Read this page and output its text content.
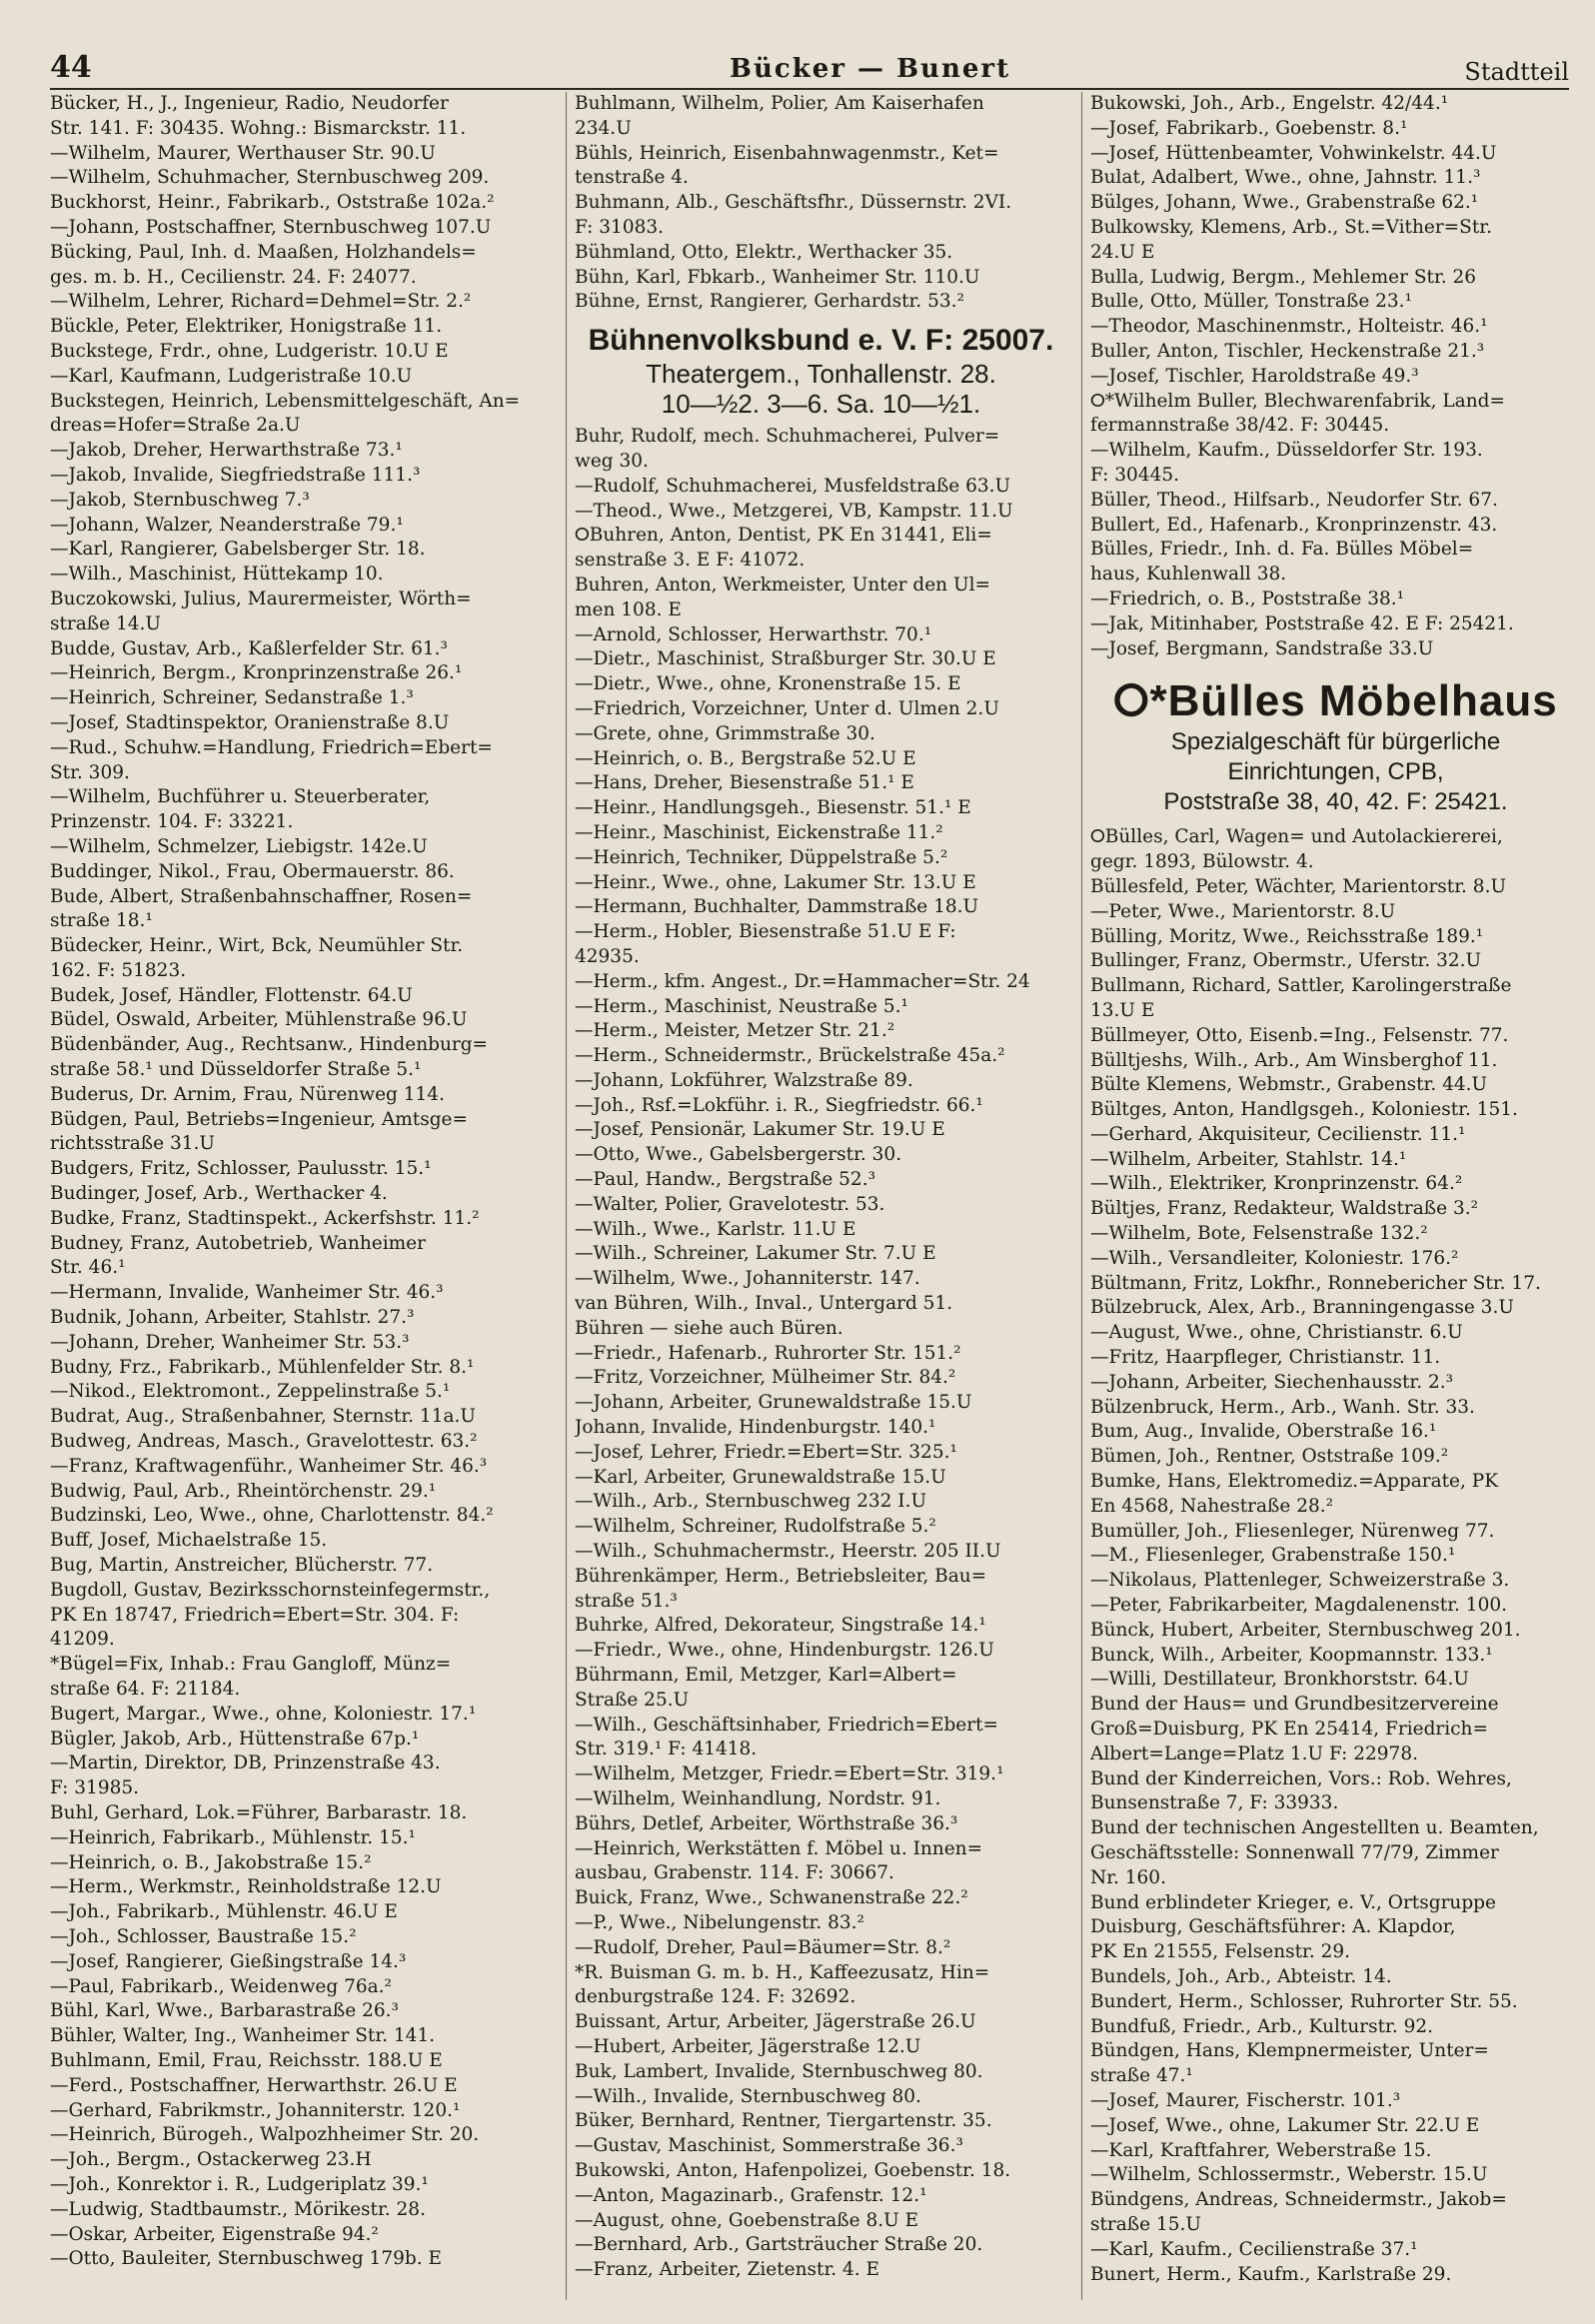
44	Bücker — Bunert	Stadtteil
Bücker, H., J., Ingenieur, Radio, Neudorfer
Str. 141. F: 30435. Wohng.: Bismarckstr. 11.
—Wilhelm, Maurer, Werthauser Str. 90.U
—Wilhelm, Schuhmacher, Sternbuschweg 209.
Buckhorst, Heinr., Fabrikarb., Oststraße 102a.²
—Johann, Postschaffner, Sternbuschweg 107.U
Bücking, Paul, Inh. d. Maaßen, Holzhandels=
ges. m. b. H., Cecilienstr. 24. F: 24077.
—Wilhelm, Lehrer, Richard=Dehmel=Str. 2.²
Bückle, Peter, Elektriker, Honigstraße 11.
Buckstege, Frdr., ohne, Ludgeristr. 10.U E
—Karl, Kaufmann, Ludgeristraße 10.U
Buckstegen, Heinrich, Lebensmittelgeschäft, An=
dreas=Hofer=Straße 2a.U
—Jakob, Dreher, Herwarthstraße 73.¹
—Jakob, Invalide, Siegfriedstraße 111.³
—Jakob, Sternbuschweg 7.³
—Johann, Walzer, Neanderstraße 79.¹
—Karl, Rangierer, Gabelsberger Str. 18.
—Wilh., Maschinist, Hüttekamp 10.
Buczokowski, Julius, Maurermeister, Wörth=
straße 14.U
Budde, Gustav, Arb., Kaßlerfelder Str. 61.³
—Heinrich, Bergm., Kronprinzenstraße 26.¹
—Heinrich, Schreiner, Sedanstraße 1.³
—Josef, Stadtinspektor, Oranienstraße 8.U
—Rud., Schuhw.=Handlung, Friedrich=Ebert=
Str. 309.
—Wilhelm, Buchführer u. Steuerberater,
Prinzenstr. 104. F: 33221.
—Wilhelm, Schmelzer, Liebigstr. 142e.U
Buddinger, Nikol., Frau, Obermauerstr. 86.
Bude, Albert, Straßenbahnschaffner, Rosen=
straße 18.¹
Büdecker, Heinr., Wirt, Bck, Neumühler Str.
162. F: 51823.
Budek, Josef, Händler, Flottenstr. 64.U
Büdel, Oswald, Arbeiter, Mühlenstraße 96.U
Büdenbänder, Aug., Rechtsanw., Hindenburg=
straße 58.¹ und Düsseldorfer Straße 5.¹
Buderus, Dr. Arnim, Frau, Nürenweg 114.
Büdgen, Paul, Betriebs=Ingenieur, Amtsge=
richtsstraße 31.U
Budgers, Fritz, Schlosser, Paulusstr. 15.¹
Budinger, Josef, Arb., Werthacker 4.
Budke, Franz, Stadtinspekt., Ackerfshstr. 11.²
Budney, Franz, Autobetrieb, Wanheimer
Str. 46.¹
—Hermann, Invalide, Wanheimer Str. 46.³
Budnik, Johann, Arbeiter, Stahlstr. 27.³
—Johann, Dreher, Wanheimer Str. 53.³
Budny, Frz., Fabrikarb., Mühlenfelder Str. 8.¹
—Nikod., Elektromont., Zeppelinstraße 5.¹
Budrat, Aug., Straßenbahner, Sternstr. 11a.U
Budweg, Andreas, Masch., Gravelottestr. 63.²
—Franz, Kraftwagenführ., Wanheimer Str. 46.³
Budwig, Paul, Arb., Rheintörchenstr. 29.¹
Budzinski, Leo, Wwe., ohne, Charlottenstr. 84.²
Buff, Josef, Michaelstraße 15.
Bug, Martin, Anstreicher, Blücherstr. 77.
Bugdoll, Gustav, Bezirksschornsteinfegermstr.,
PK En 18747, Friedrich=Ebert=Str. 304. F:
41209.
*Bügel=Fix, Inhab.: Frau Gangloff, Münz=
straße 64. F: 21184.
Bugert, Margar., Wwe., ohne, Koloniestr. 17.¹
Bügler, Jakob, Arb., Hüttenstraße 67p.¹
—Martin, Direktor, DB, Prinzenstraße 43.
F: 31985.
Buhl, Gerhard, Lok.=Führer, Barbarastr. 18.
—Heinrich, Fabrikarb., Mühlenstr. 15.¹
—Heinrich, o. B., Jakobstraße 15.²
—Herm., Werkmstr., Reinholdstraße 12.U
—Joh., Fabrikarb., Mühlenstr. 46.U E
—Joh., Schlosser, Baustraße 15.²
—Josef, Rangierer, Gießingstraße 14.³
—Paul, Fabrikarb., Weidenweg 76a.²
Bühl, Karl, Wwe., Barbarastraße 26.³
Bühler, Walter, Ing., Wanheimer Str. 141.
Buhlmann, Emil, Frau, Reichsstr. 188.U E
—Ferd., Postschaffner, Herwarthstr. 26.U E
—Gerhard, Fabrikmstr., Johanniterstr. 120.¹
—Heinrich, Bürogeh., Walpozhheimer Str. 20.
—Joh., Bergm., Ostackerweg 23.H
—Joh., Konrektor i. R., Ludgeriplatz 39.¹
—Ludwig, Stadtbaumstr., Mörikestr. 28.
—Oskar, Arbeiter, Eigenstraße 94.²
—Otto, Bauleiter, Sternbuschweg 179b. E
Buhlmann, Wilhelm, Polier, Am Kaiserhafen
234.U
Bühls, Heinrich, Eisenbahnwagenmstr., Ket=
tenstraße 4.
Buhmann, Alb., Geschäftsfhr., Düssernstr. 2VI.
F: 31083.
Bühmland, Otto, Elektr., Werthacker 35.
Bühn, Karl, Fbkarb., Wanheimer Str. 110.U
Bühne, Ernst, Rangierer, Gerhardstr. 53.²
Bühnenvolksbund e. V. F: 25007.
Theatergem., Tonhallenstr. 28.
10—½2. 3—6. Sa. 10—½1.
Buhr, Rudolf, mech. Schuhmacherei, Pulver=
weg 30.
—Rudolf, Schuhmacherei, Musfeldstraße 63.U
—Theod., Wwe., Metzgerei, VB, Kampstr. 11.U
⭘Buhren, Anton, Dentist, PK En 31441, Eli=
senstraße 3. E F: 41072.
Buhren, Anton, Werkmeister, Unter den Ul=
men 108. E
—Arnold, Schlosser, Herwarthstr. 70.¹
—Dietr., Maschinist, Straßburger Str. 30.U E
—Dietr., Wwe., ohne, Kronenstraße 15. E
—Friedrich, Vorzeichner, Unter d. Ulmen 2.U
—Grete, ohne, Grimmstraße 30.
—Heinrich, o. B., Bergstraße 52.U E
—Hans, Dreher, Biesenstraße 51.¹ E
—Heinr., Handlungsgeh., Biesenstr. 51.¹ E
—Heinr., Maschinist, Eickenstraße 11.²
—Heinrich, Techniker, Düppelstraße 5.²
—Heinr., Wwe., ohne, Lakumer Str. 13.U E
—Hermann, Buchhalter, Dammstraße 18.U
—Herm., Hobler, Biesenstraße 51.U E F:
42935.
—Herm., kfm. Angest., Dr.=Hammacher=Str. 24
—Herm., Maschinist, Neustraße 5.¹
—Herm., Meister, Metzer Str. 21.²
—Herm., Schneidermstr., Brückelstraße 45a.²
—Johann, Lokführer, Walzstraße 89.
—Joh., Rsf.=Lokführ. i. R., Siegfriedstr. 66.¹
—Josef, Pensionär, Lakumer Str. 19.U E
—Otto, Wwe., Gabelsbergerstr. 30.
—Paul, Handw., Bergstraße 52.³
—Walter, Polier, Gravelotestr. 53.
—Wilh., Wwe., Karlstr. 11.U E
—Wilh., Schreiner, Lakumer Str. 7.U E
—Wilhelm, Wwe., Johanniterstr. 147.
van Bühren, Wilh., Inval., Untergard 51.
Bühren — siehe auch Büren.
—Friedr., Hafenarb., Ruhrorter Str. 151.²
—Fritz, Vorzeichner, Mülheimer Str. 84.²
—Johann, Arbeiter, Grunewaldstraße 15.U
Johann, Invalide, Hindenburgstr. 140.¹
—Josef, Lehrer, Friedr.=Ebert=Str. 325.¹
—Karl, Arbeiter, Grunewaldstraße 15.U
—Wilh., Arb., Sternbuschweg 232 I.U
—Wilhelm, Schreiner, Rudolfstraße 5.²
—Wilh., Schuhmachermstr., Heerstr. 205 II.U
Bührenkämper, Herm., Betriebsleiter, Bau=
straße 51.³
Buhrke, Alfred, Dekorateur, Singstraße 14.¹
—Friedr., Wwe., ohne, Hindenburgstr. 126.U
Bührmann, Emil, Metzger, Karl=Albert=
Straße 25.U
—Wilh., Geschäftsinhaber, Friedrich=Ebert=
Str. 319.¹ F: 41418.
—Wilhelm, Metzger, Friedr.=Ebert=Str. 319.¹
—Wilhelm, Weinhandlung, Nordstr. 91.
Bührs, Detlef, Arbeiter, Wörthstraße 36.³
—Heinrich, Werkstätten f. Möbel u. Innen=
ausbau, Grabenstr. 114. F: 30667.
Buick, Franz, Wwe., Schwanenstraße 22.²
—P., Wwe., Nibelungenstr. 83.²
—Rudolf, Dreher, Paul=Bäumer=Str. 8.²
*R. Buisman G. m. b. H., Kaffeezusatz, Hin=
denburgstraße 124. F: 32692.
Buissant, Artur, Arbeiter, Jägerstraße 26.U
—Hubert, Arbeiter, Jägerstraße 12.U
Buk, Lambert, Invalide, Sternbuschweg 80.
—Wilh., Invalide, Sternbuschweg 80.
Büker, Bernhard, Rentner, Tiergartenstr. 35.
—Gustav, Maschinist, Sommerstraße 36.³
Bukowski, Anton, Hafenpolizei, Goebenstr. 18.
—Anton, Magazinarb., Grafenstr. 12.¹
—August, ohne, Goebenstraße 8.U E
—Bernhard, Arb., Gartsträucher Straße 20.
—Franz, Arbeiter, Zietenstr. 4. E
Bukowski, Joh., Arb., Engelstr. 42/44.¹
—Josef, Fabrikarb., Goebenstr. 8.¹
—Josef, Hüttenbeamter, Vohwinkelstr. 44.U
Bulat, Adalbert, Wwe., ohne, Jahnstr. 11.³
Bülges, Johann, Wwe., Grabenstraße 62.¹
Bulkowsky, Klemens, Arb., St.=Vither=Str.
24.U E
Bulla, Ludwig, Bergm., Mehlemer Str. 26
Bulle, Otto, Müller, Tonstraße 23.¹
—Theodor, Maschinenmstr., Holteistr. 46.¹
Buller, Anton, Tischler, Heckenstraße 21.³
—Josef, Tischler, Haroldstraße 49.³
⭘*Wilhelm Buller, Blechwarenfabrik, Land=
fermannstraße 38/42. F: 30445.
—Wilhelm, Kaufm., Düsseldorfer Str. 193.
F: 30445.
Büller, Theod., Hilfsarb., Neudorfer Str. 67.
Bullert, Ed., Hafenarb., Kronprinzenstr. 43.
Bülles, Friedr., Inh. d. Fa. Bülles Möbel=
haus, Kuhlenwall 38.
—Friedrich, o. B., Poststraße 38.¹
—Jak, Mitinhaber, Poststraße 42. E F: 25421.
—Josef, Bergmann, Sandstraße 33.U
⭘*Bülles Möbelhaus
Spezialgeschäft für bürgerliche
Einrichtungen, CPB,
Poststraße 38, 40, 42. F: 25421.
⭘Bülles, Carl, Wagen= und Autolackiererei,
gegr. 1893, Bülowstr. 4.
Büllesfeld, Peter, Wächter, Marientorstr. 8.U
—Peter, Wwe., Marientorstr. 8.U
Bülling, Moritz, Wwe., Reichsstraße 189.¹
Bullinger, Franz, Obermstr., Uferstr. 32.U
Bullmann, Richard, Sattler, Karolingerstraße
13.U E
Büllmeyer, Otto, Eisenb.=Ing., Felsenstr. 77.
Bülltjeshs, Wilh., Arb., Am Winsberghof 11.
Bülte Klemens, Webmstr., Grabenstr. 44.U
Bültges, Anton, Handlgsgeh., Koloniestr. 151.
—Gerhard, Akquisiteur, Cecilienstr. 11.¹
—Wilhelm, Arbeiter, Stahlstr. 14.¹
—Wilh., Elektriker, Kronprinzenstr. 64.²
Bültjes, Franz, Redakteur, Waldstraße 3.²
—Wilhelm, Bote, Felsenstraße 132.²
—Wilh., Versandleiter, Koloniestr. 176.²
Bültmann, Fritz, Lokfhr., Ronnebericher Str. 17.
Bülzebruck, Alex, Arb., Branningengasse 3.U
—August, Wwe., ohne, Christianstr. 6.U
—Fritz, Haarpfleger, Christianstr. 11.
—Johann, Arbeiter, Siechenhausstr. 2.³
Bülzenbruck, Herm., Arb., Wanh. Str. 33.
Bum, Aug., Invalide, Oberstraße 16.¹
Bümen, Joh., Rentner, Oststraße 109.²
Bumke, Hans, Elektromediz.=Apparate, PK
En 4568, Nahestraße 28.²
Bumüller, Joh., Fliesenleger, Nürenweg 77.
—M., Fliesenleger, Grabenstraße 150.¹
—Nikolaus, Plattenleger, Schweizerstraße 3.
—Peter, Fabrikarbeiter, Magdalenenstr. 100.
Bünck, Hubert, Arbeiter, Sternbuschweg 201.
Bunck, Wilh., Arbeiter, Koopmannstr. 133.¹
—Willi, Destillateur, Bronkhorststr. 64.U
Bund der Haus= und Grundbesitzervereine
Groß=Duisburg, PK En 25414, Friedrich=
Albert=Lange=Platz 1.U F: 22978.
Bund der Kinderreichen, Vors.: Rob. Wehres,
Bunsenstraße 7, F: 33933.
Bund der technischen Angestellten u. Beamten,
Geschäftsstelle: Sonnenwall 77/79, Zimmer
Nr. 160.
Bund erblindeter Krieger, e. V., Ortsgruppe
Duisburg, Geschäftsführer: A. Klapdor,
PK En 21555, Felsenstr. 29.
Bundels, Joh., Arb., Abteistr. 14.
Bundert, Herm., Schlosser, Ruhrorter Str. 55.
Bundfuß, Friedr., Arb., Kulturstr. 92.
Bündgen, Hans, Klempnermeister, Unter=
straße 47.¹
—Josef, Maurer, Fischerstr. 101.³
—Josef, Wwe., ohne, Lakumer Str. 22.U E
—Karl, Kraftfahrer, Weberstraße 15.
—Wilhelm, Schlossermstr., Weberstr. 15.U
Bündgens, Andreas, Schneidermstr., Jakob=
straße 15.U
—Karl, Kaufm., Cecilienstraße 37.¹
Bunert, Herm., Kaufm., Karlstraße 29.
